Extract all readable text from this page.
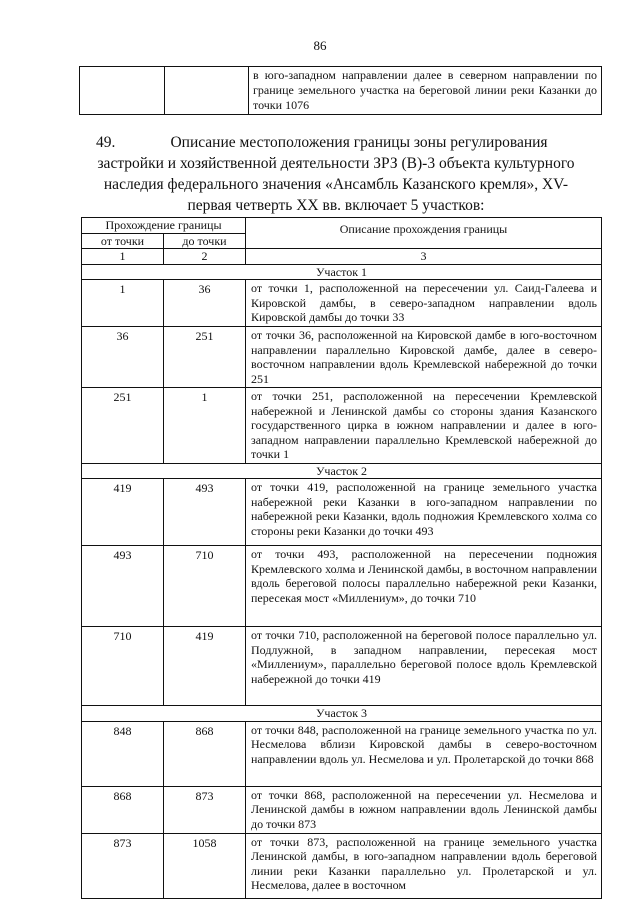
86
		в юго-западном направлении далее в северном направлении по границе земельного участка на береговой линии реки Казанки до точки 1076
49.	Описание местоположения границы зоны регулирования застройки и хозяйственной деятельности ЗРЗ (В)-3 объекта культурного наследия федерального значения «Ансамбль Казанского кремля», XV-первая четверть XX вв. включает 5 участков:
Прохождение границы		Описание прохождения границы
от точки	до точки	
1	2	3
Участок 1		
1	36	от точки 1, расположенной на пересечении ул. Саид-Галеева и Кировской дамбы, в северо-западном направлении вдоль Кировской дамбы до точки 33
36	251	от точки 36, расположенной на Кировской дамбе в юго-восточном направлении параллельно Кировской дамбе, далее в северо-восточном направлении вдоль Кремлевской набережной до точки 251
251	1	от точки 251, расположенной на пересечении Кремлевской набережной и Ленинской дамбы со стороны здания Казанского государственного цирка в южном направлении и далее в юго-западном направлении параллельно Кремлевской набережной до точки 1
Участок 2		
419	493	от точки 419, расположенной на границе земельного участка набережной реки Казанки в юго-западном направлении по набережной реки Казанки, вдоль подножия Кремлевского холма со стороны реки Казанки до точки 493
493	710	от точки 493, расположенной на пересечении подножия Кремлевского холма и Ленинской дамбы, в восточном направлении вдоль береговой полосы параллельно набережной реки Казанки, пересекая мост «Миллениум», до точки 710
710	419	от точки 710, расположенной на береговой полосе параллельно ул. Подлужной, в западном направлении, пересекая мост «Миллениум», параллельно береговой полосе вдоль Кремлевской набережной до точки 419
Участок 3		
848	868	от точки 848, расположенной на границе земельного участка по ул. Несмелова вблизи Кировской дамбы в северо-восточном направлении вдоль ул. Несмелова и ул. Пролетарской до точки 868
868	873	от точки 868, расположенной на пересечении ул. Несмелова и Ленинской дамбы в южном направлении вдоль Ленинской дамбы до точки 873
873	1058	от точки 873, расположенной на границе земельного участка Ленинской дамбы, в юго-западном направлении вдоль береговой линии реки Казанки параллельно ул. Пролетарской и ул. Несмелова, далее в восточном
